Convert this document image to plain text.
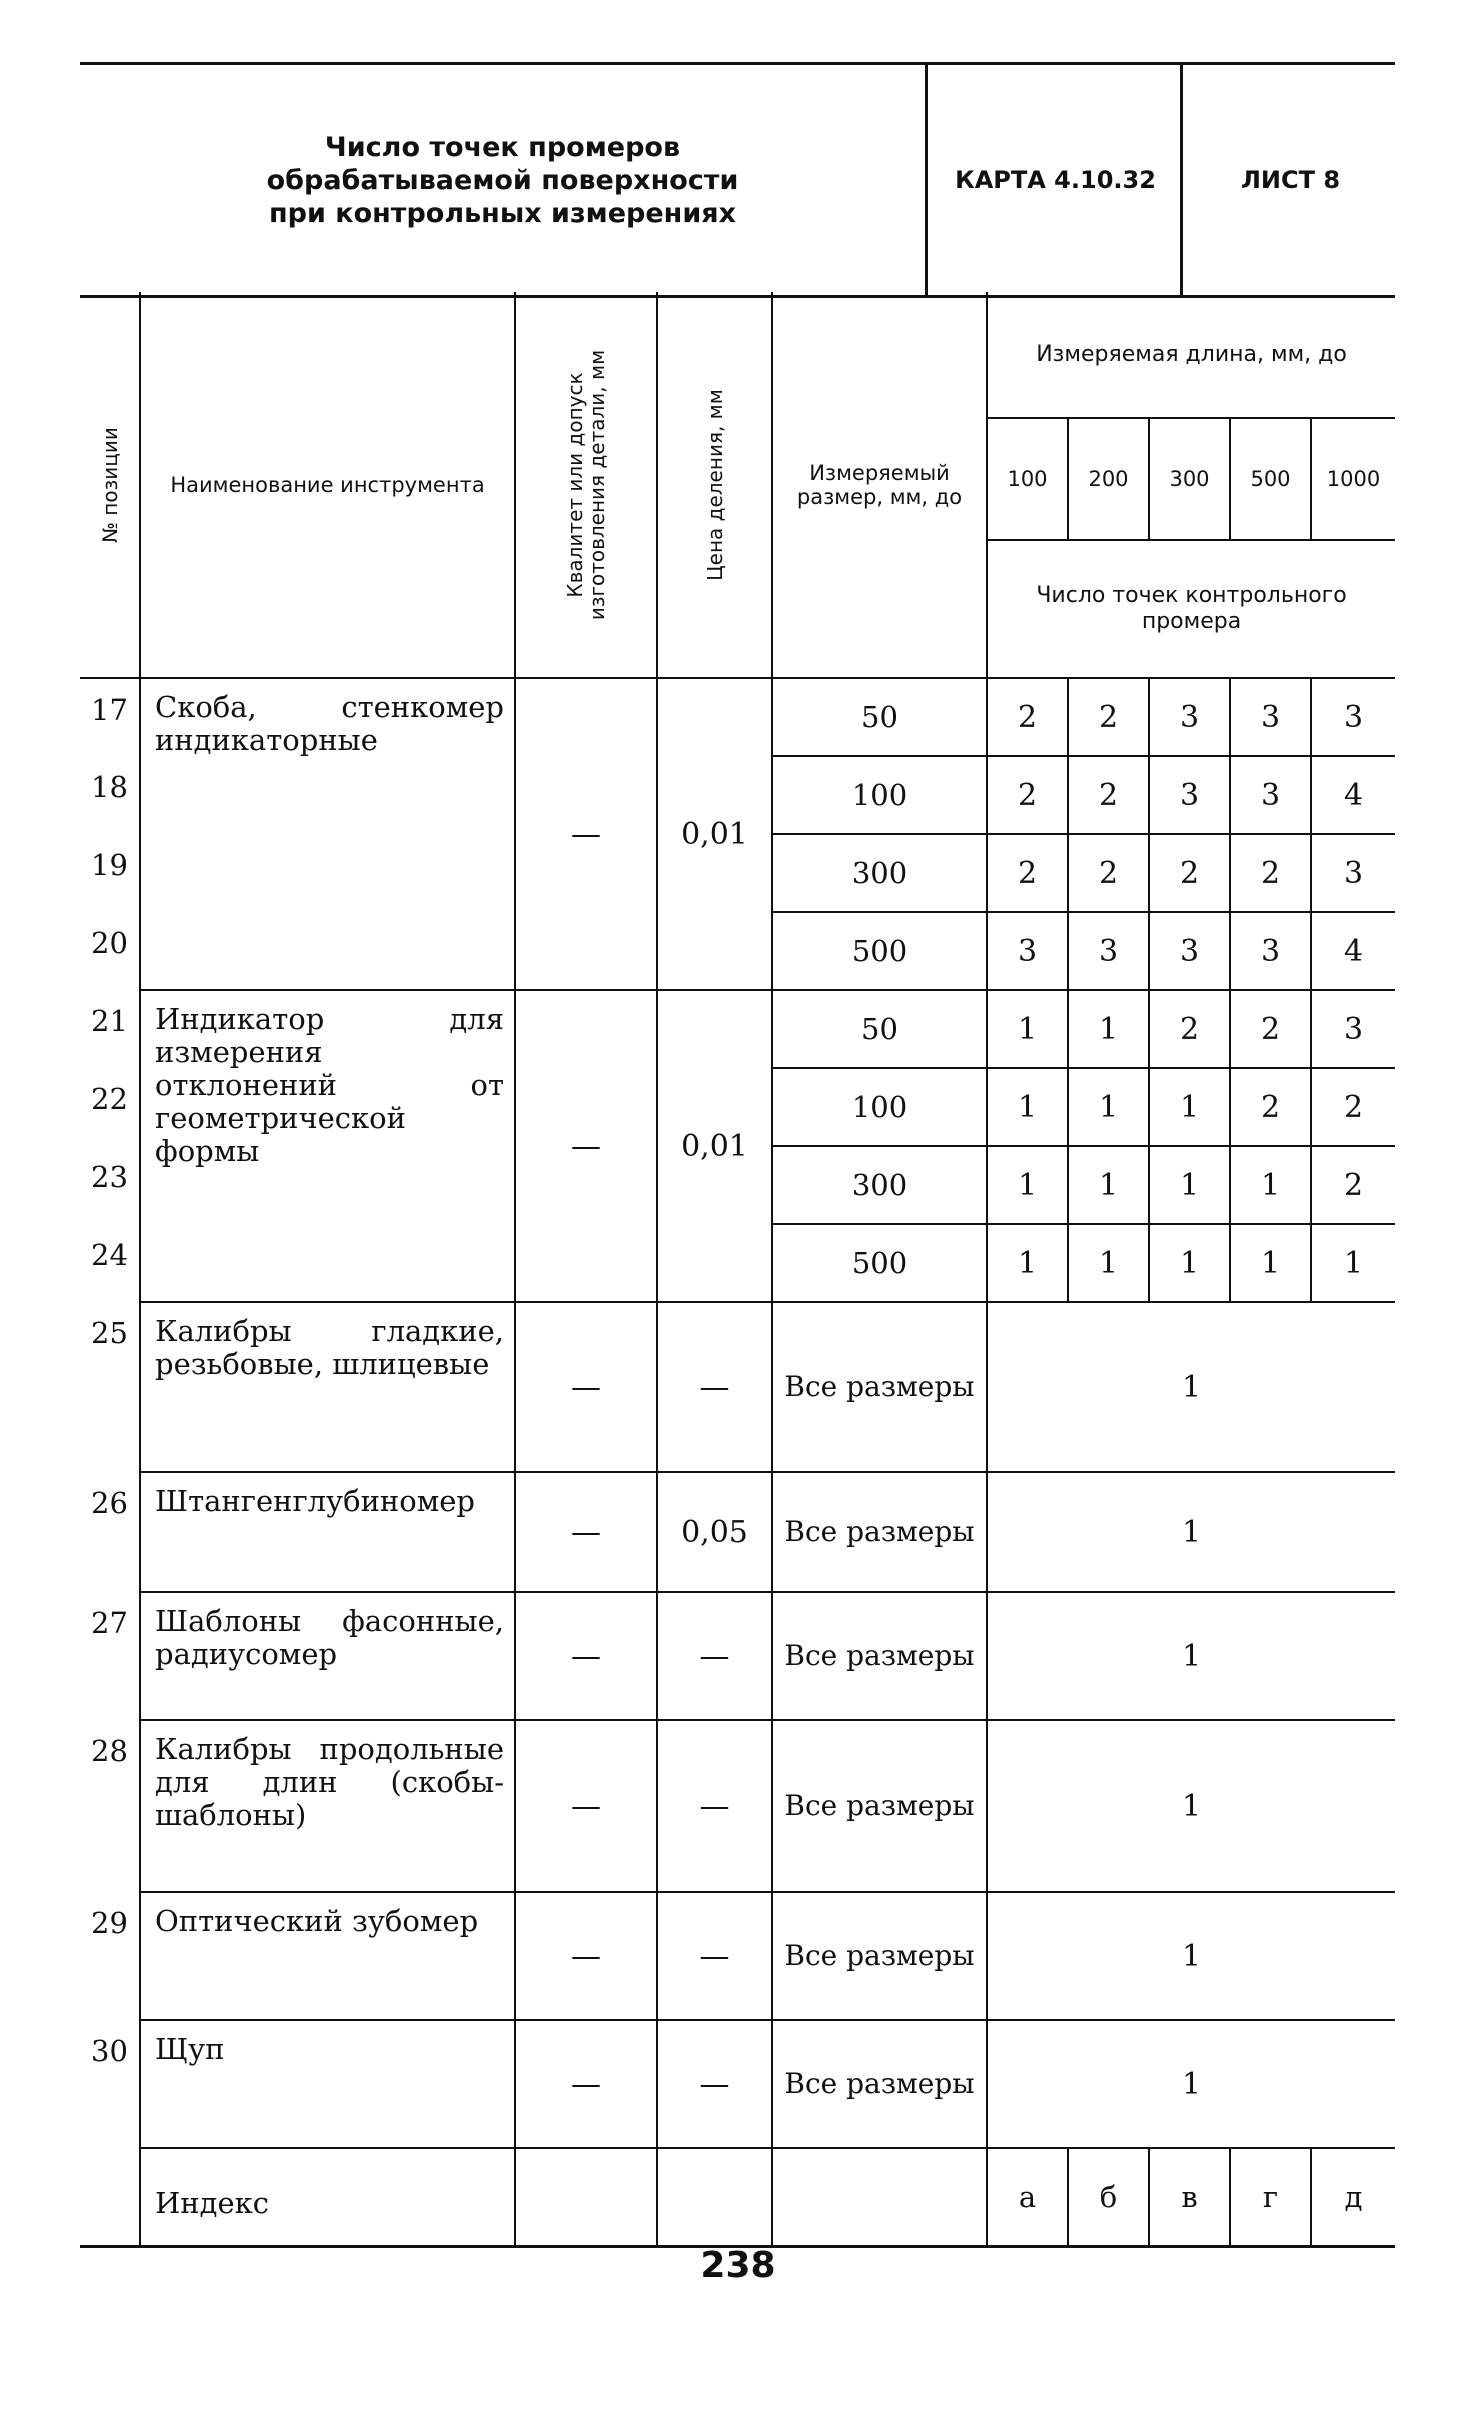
Число точек промеров
обрабатываемой поверхности
при контрольных измерениях
КАРТА 4.10.32	ЛИСТ 8
№ позиции	Наименование инструмента	Квалитет или допуск изготовления детали, мм	Цена деления, мм	Измеряемый размер, мм, до	Измеряемая длина, мм, до				
					100	200	300	500	1000
					Число точек контрольного промера				
17	Скоба, стенкомер индикаторные	—	0,01	50	2	2	3	3	3
18				100	2	2	3	3	4
19				300	2	2	2	2	3
20				500	3	3	3	3	4
21	Индикатор для измерения отклонений от геометрической формы	—	0,01	50	1	1	2	2	3
22				100	1	1	1	2	2
23				300	1	1	1	1	2
24				500	1	1	1	1	1
25	Калибры гладкие, резьбовые, шлицевые	—	—	Все размеры	1				
26	Штангенглубиномер	—	0,05	Все размеры	1				
27	Шаблоны фасонные, радиусомер	—	—	Все размеры	1				
28	Калибры продольные для длин (скобы-шаблоны)	—	—	Все размеры	1				
29	Оптический зубомер	—	—	Все размеры	1				
30	Щуп	—	—	Все размеры	1				
	Индекс				а	б	в	г	д
238
